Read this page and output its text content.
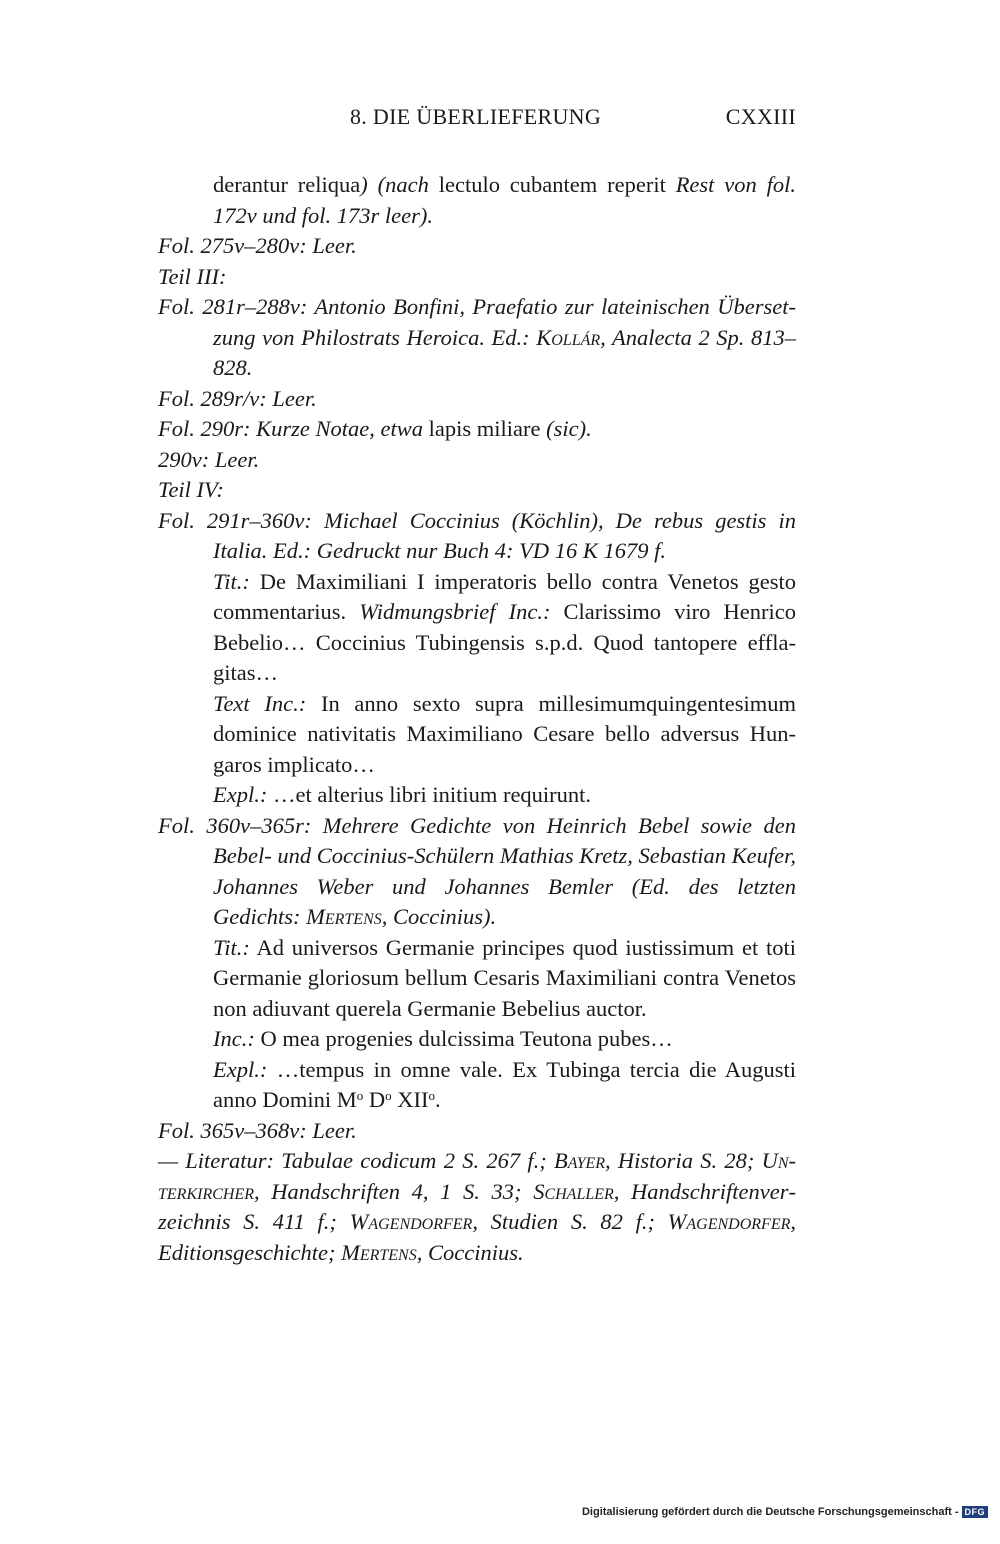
8. DIE ÜBERLIEFERUNG	CXXIII
derantur reliqua) (nach lectulo cubantem reperit Rest von fol. 172v und fol. 173r leer).
Fol. 275v–280v: Leer.
Teil III:
Fol. 281r–288v: Antonio Bonfini, Praefatio zur lateinischen Übersetzung von Philostrats Heroica. Ed.: Kollár, Analecta 2 Sp. 813–828.
Fol. 289r/v: Leer.
Fol. 290r: Kurze Notae, etwa lapis miliare (sic).
290v: Leer.
Teil IV:
Fol. 291r–360v: Michael Coccinius (Köchlin), De rebus gestis in Italia. Ed.: Gedruckt nur Buch 4: VD 16 K 1679 f.
Tit.: De Maximiliani I imperatoris bello contra Venetos gesto commentarius. Widmungsbrief Inc.: Clarissimo viro Henrico Bebelio… Coccinius Tubingensis s.p.d. Quod tantopere efflagitas…
Text Inc.: In anno sexto supra millesimumquingentesimum dominice nativitatis Maximiliano Cesare bello adversus Hungaros implicato…
Expl.: …et alterius libri initium requirunt.
Fol. 360v–365r: Mehrere Gedichte von Heinrich Bebel sowie den Bebel- und Coccinius-Schülern Mathias Kretz, Sebastian Keufer, Johannes Weber und Johannes Bemler (Ed. des letzten Gedichts: Mertens, Coccinius).
Tit.: Ad universos Germanie principes quod iustissimum et toti Germanie gloriosum bellum Cesaris Maximiliani contra Venetos non adiuvant querela Germanie Bebelius auctor.
Inc.: O mea progenies dulcissima Teutona pubes…
Expl.: …tempus in omne vale. Ex Tubinga tercia die Augusti anno Domini $M^o$ $D^o$ XII$^o$.
Fol. 365v–368v: Leer.
— Literatur: Tabulae codicum 2 S. 267 f.; Bayer, Historia S. 28; Unterkircher, Handschriften 4, 1 S. 33; Schaller, Handschriftenverzeichnis S. 411 f.; Wagendorfer, Studien S. 82 f.; Wagendorfer, Editionsgeschichte; Mertens, Coccinius.
Digitalisierung gefördert durch die Deutsche Forschungsgemeinschaft - DFG
